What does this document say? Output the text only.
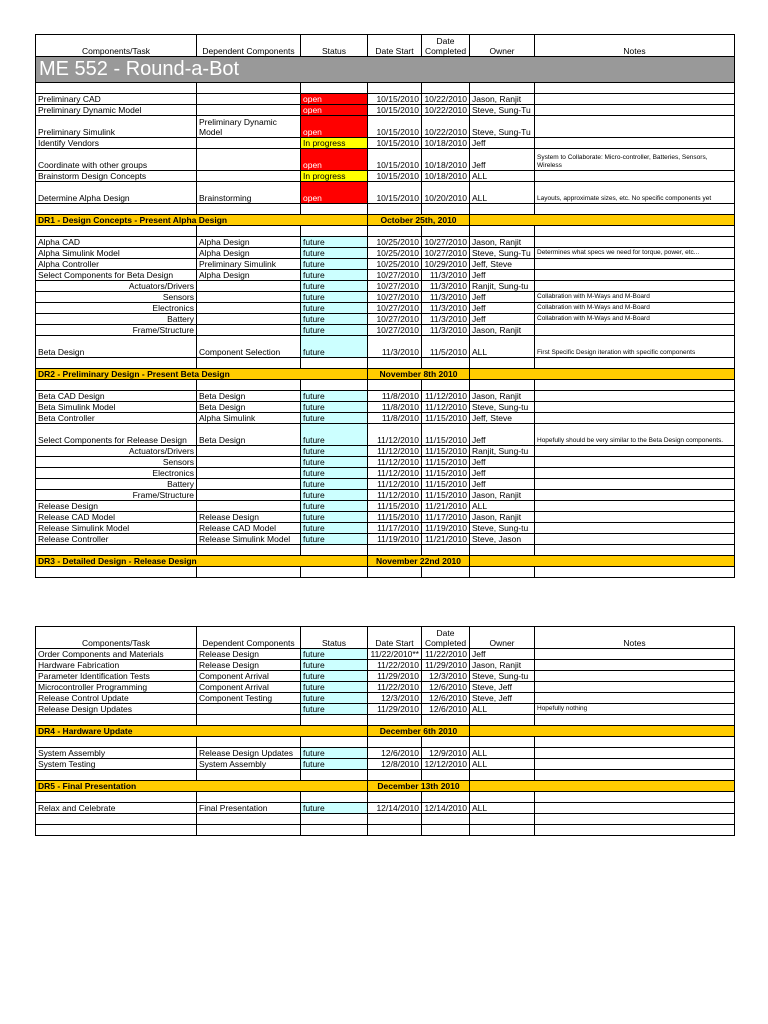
Components/Task	Dependent Components	Status	Date Start	Date Completed	Owner	Notes
ME 552 - Round-a-Bot						

Preliminary CAD		open	10/15/2010	10/22/2010	Jason, Ranjit	
Preliminary Dynamic Model		open	10/15/2010	10/22/2010	Steve, Sung-Tu	
Preliminary Simulink	Preliminary Dynamic Model	open	10/15/2010	10/22/2010	Steve, Sung-Tu	
Identify Vendors		In progress	10/15/2010	10/18/2010	Jeff	
Coordinate with other groups		open	10/15/2010	10/18/2010	Jeff	System to Collaborate: Micro-controller, Batteries, Sensors, Wireless
Brainstorm Design Concepts		In progress	10/15/2010	10/18/2010	ALL	
Determine Alpha Design	Brainstorming	open	10/15/2010	10/20/2010	ALL	Layouts, approximate sizes, etc. No specific components yet

DR1 - Design Concepts - Present Alpha Design			October 25th, 2010			

Alpha CAD	Alpha Design	future	10/25/2010	10/27/2010	Jason, Ranjit	
Alpha Simulink Model	Alpha Design	future	10/25/2010	10/27/2010	Steve, Sung-Tu	Determines what specs we need for torque, power, etc...
Alpha Controller	Preliminary Simulink	future	10/25/2010	10/29/2010	Jeff, Steve	
Select Components for Beta Design	Alpha Design	future	10/27/2010	11/3/2010	Jeff	
Actuators/Drivers		future	10/27/2010	11/3/2010	Ranjit, Sung-tu	
Sensors		future	10/27/2010	11/3/2010	Jeff	Collabration with M-Ways and M-Board
Electronics		future	10/27/2010	11/3/2010	Jeff	Collabration with M-Ways and M-Board
Battery		future	10/27/2010	11/3/2010	Jeff	Collabration with M-Ways and M-Board
Frame/Structure		future	10/27/2010	11/3/2010	Jason, Ranjit	
Beta Design	Component Selection	future	11/3/2010	11/5/2010	ALL	First Specific Design iteration with specific components

DR2 - Preliminary Design - Present Beta Design			November 8th 2010			

Beta CAD Design	Beta Design	future	11/8/2010	11/12/2010	Jason, Ranjit	
Beta Simulink Model	Beta Design	future	11/8/2010	11/12/2010	Steve, Sung-tu	
Beta Controller	Alpha Simulink	future	11/8/2010	11/15/2010	Jeff, Steve	
Select Components for Release Design	Beta Design	future	11/12/2010	11/15/2010	Jeff	Hopefully should be very similar to the Beta Design components.
Actuators/Drivers		future	11/12/2010	11/15/2010	Ranjit, Sung-tu	
Sensors		future	11/12/2010	11/15/2010	Jeff	
Electronics		future	11/12/2010	11/15/2010	Jeff	
Battery		future	11/12/2010	11/15/2010	Jeff	
Frame/Structure		future	11/12/2010	11/15/2010	Jason, Ranjit	
Release Design		future	11/15/2010	11/21/2010	ALL	
Release CAD Model	Release Design	future	11/15/2010	11/17/2010	Jason, Ranjit	
Release Simulink Model	Release CAD Model	future	11/17/2010	11/19/2010	Steve, Sung-tu	
Release Controller	Release Simulink Model	future	11/19/2010	11/21/2010	Steve, Jason	

DR3 - Detailed Design - Release Design			November 22nd 2010			

Components/Task	Dependent Components	Status	Date Start	Date Completed	Owner	Notes
Order Components and Materials	Release Design	future	11/22/2010**	11/22/2010	Jeff	
Hardware Fabrication	Release Design	future	11/22/2010	11/29/2010	Jason, Ranjit	
Parameter Identification Tests	Component Arrival	future	11/29/2010	12/3/2010	Steve, Sung-tu	
Microcontroller Programming	Component Arrival	future	11/22/2010	12/6/2010	Steve, Jeff	
Release Control Update	Component Testing	future	12/3/2010	12/6/2010	Steve, Jeff	
Release Design Updates		future	11/29/2010	12/6/2010	ALL	Hopefully nothing

DR4 - Hardware Update			December 6th 2010			

System Assembly	Release Design Updates	future	12/6/2010	12/9/2010	ALL	
System Testing	System Assembly	future	12/8/2010	12/12/2010	ALL	

DR5 - Final Presentation			December 13th 2010			

Relax and Celebrate	Final Presentation	future	12/14/2010	12/14/2010	ALL	
